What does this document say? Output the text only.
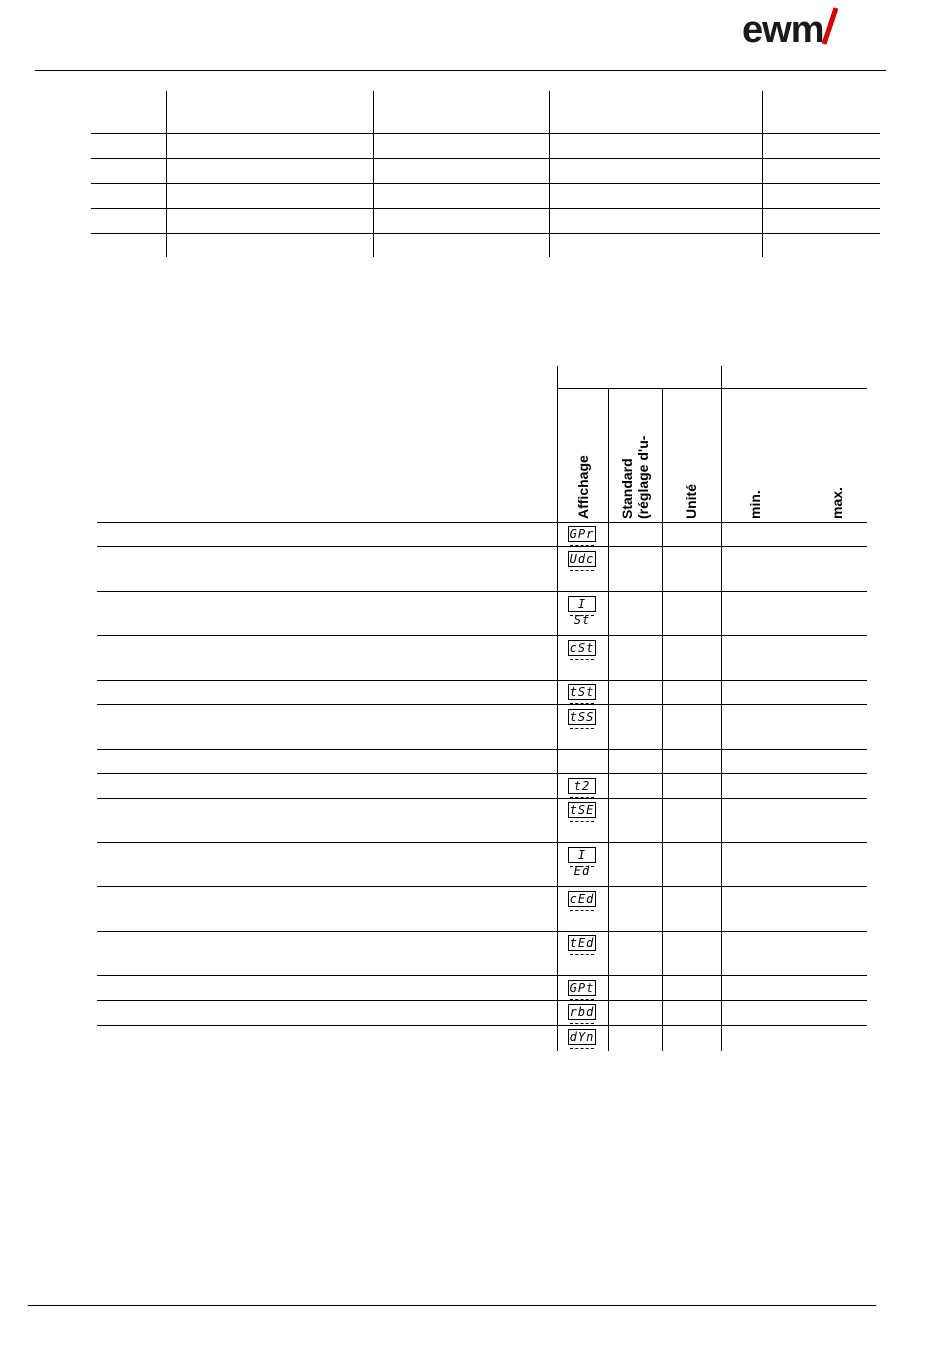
ewm
Affichage Standard (réglage d'u- Unité	min.	max.
GPr
Udc
I St
cSt
tSt
tSS
t2
tSE
I Ed
cEd
tEd
GPt
rbd
dYn
